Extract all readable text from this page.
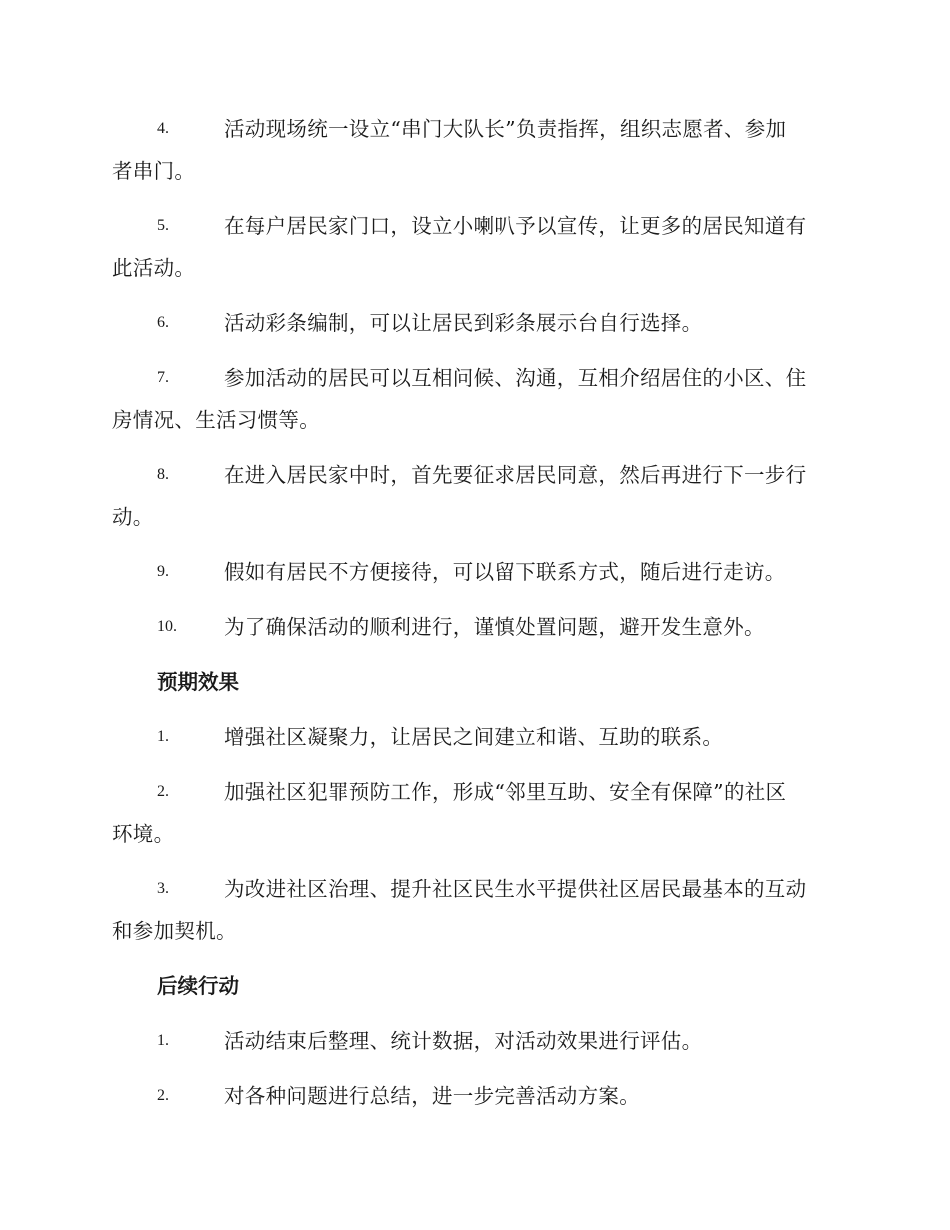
4.	活动现场统一设立“串门大队长”负责指挥，组织志愿者、参加
者串门。
5.	在每户居民家门口，设立小喇叭予以宣传，让更多的居民知道有
此活动。
6.	活动彩条编制，可以让居民到彩条展示台自行选择。
7.	参加活动的居民可以互相问候、沟通，互相介绍居住的小区、住
房情况、生活习惯等。
8.	在进入居民家中时，首先要征求居民同意，然后再进行下一步行
动。
9.	假如有居民不方便接待，可以留下联系方式，随后进行走访。
10.	为了确保活动的顺利进行，谨慎处置问题，避开发生意外。
预期效果
1.	增强社区凝聚力，让居民之间建立和谐、互助的联系。
2.	加强社区犯罪预防工作，形成“邻里互助、安全有保障”的社区
环境。
3.	为改进社区治理、提升社区民生水平提供社区居民最基本的互动
和参加契机。
后续行动
1.	活动结束后整理、统计数据，对活动效果进行评估。
2.	对各种问题进行总结，进一步完善活动方案。
